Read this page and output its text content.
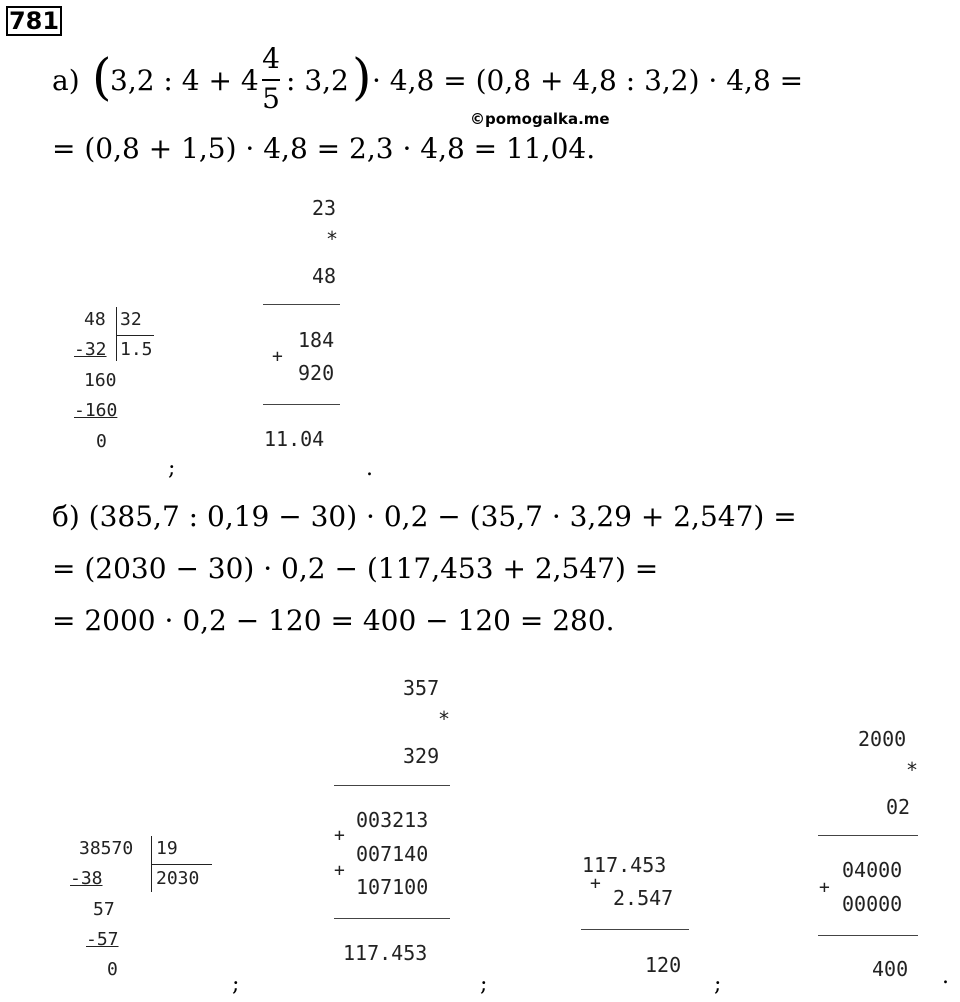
781
а) (
3,2 : 4 + 4
4
5
: 3,2 ) · 4,8 = (0,8 + 4,8 : 3,2) · 4,8 =
©pomogalka.me
= (0,8 + 1,5) · 4,8 = 2,3 · 4,8 = 11,04.
48 32
-32 1.5
160
-160
0
23
*
48
184
+
920
11.04
;	.
б) (385,7 : 0,19 − 30) · 0,2 − (35,7 · 3,29 + 2,547) =
= (2030 − 30) · 0,2 − (117,453 + 2,547) =
= 2000 · 0,2 − 120 = 400 − 120 = 280.
38570 19
-38	2030
57
-57
0
357
*
329
003213
+
007140
+
107100
117.453
117.453
+
2.547
120
2000
*
02
04000
+
00000
400
;	;	;	.
